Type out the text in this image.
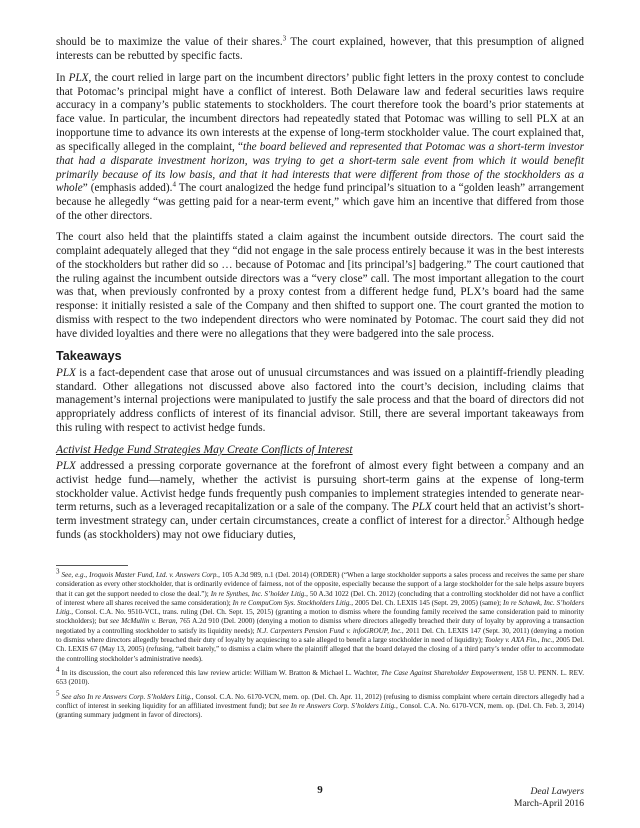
should be to maximize the value of their shares.$^3$ The court explained, however, that this presumption of aligned interests can be rebutted by specific facts.

In PLX, the court relied in large part on the incumbent directors’ public fight letters in the proxy contest to conclude that Potomac’s principal might have a conflict of interest. Both Delaware law and federal securities laws require accuracy in a company’s public statements to stockholders. The court therefore took the board’s prior statements at face value. In particular, the incumbent directors had repeatedly stated that Potomac was willing to sell PLX at an inopportune time to advance its own interests at the expense of long-term stockholder value. The court explained that, as specifically alleged in the complaint, “the board believed and represented that Potomac was a short-term investor that had a disparate investment horizon, was trying to get a short-term sale event from which it would benefit primarily because of its low basis, and that it had interests that were different from those of the stockholders as a whole” (emphasis added).$^4$ The court analogized the hedge fund principal’s situation to a “golden leash” arrangement because he allegedly “was getting paid for a near-term event,” which gave him an incentive that differed from those of the other directors.

The court also held that the plaintiffs stated a claim against the incumbent outside directors. The court said the complaint adequately alleged that they “did not engage in the sale process entirely because it was in the best interests of the stockholders but rather did so … because of Potomac and [its principal’s] badgering.” The court cautioned that the ruling against the incumbent outside directors was a “very close” call. The most important allegation to the court was that, when previously confronted by a proxy contest from a different hedge fund, PLX’s board had the same response: it initially resisted a sale of the Company and then shifted to support one. The court granted the motion to dismiss with respect to the two independent directors who were nominated by Potomac. The court said they did not have divided loyalties and there were no allegations that they were badgered into the sale process.

Takeaways

PLX is a fact-dependent case that arose out of unusual circumstances and was issued on a plaintiff-friendly pleading standard. Other allegations not discussed above also factored into the court’s decision, including claims that management’s internal projections were manipulated to justify the sale process and that the board of directors did not appropriately address conflicts of interest of its financial advisor. Still, there are several important takeaways from this ruling with respect to activist hedge funds.

Activist Hedge Fund Strategies May Create Conflicts of Interest

PLX addressed a pressing corporate governance at the forefront of almost every fight between a company and an activist hedge fund—namely, whether the activist is pursuing short-term gains at the expense of long-term stockholder value. Activist hedge funds frequently push companies to implement strategies intended to generate near-term returns, such as a leveraged recapitalization or a sale of the company. The PLX court held that an activist’s short-term investment strategy can, under certain circumstances, create a conflict of interest for a director.$^5$ Although hedge funds (as stockholders) may not owe fiduciary duties,

$^3$ See, e.g., Iroquois Master Fund, Ltd. v. Answers Corp., 105 A.3d 989, n.1 (Del. 2014) (ORDER) (“When a large stockholder supports a sales process and receives the same per share consideration as every other stockholder, that is ordinarily evidence of fairness, not of the opposite, especially because the support of a large stockholder for the sale helps assure buyers that it can get the support needed to close the deal.”); In re Synthes, Inc. S’holder Litig., 50 A.3d 1022 (Del. Ch. 2012) (concluding that a controlling stockholder did not have a conflict of interest where all shares received the same consideration); In re CompuCom Sys. Stockholders Litig., 2005 Del. Ch. LEXIS 145 (Sept. 29, 2005) (same); In re Schawk, Inc. S’holders Litig., Consol. C.A. No. 9510-VCL, trans. ruling (Del. Ch. Sept. 15, 2015) (granting a motion to dismiss where the founding family received the same consideration paid to minority stockholders); but see McMullin v. Beran, 765 A.2d 910 (Del. 2000) (denying a motion to dismiss where directors allegedly breached their duty of loyalty by approving a transaction negotiated by a controlling stockholder to satisfy its liquidity needs); N.J. Carpenters Pension Fund v. infoGROUP, Inc., 2011 Del. Ch. LEXIS 147 (Sept. 30, 2011) (denying a motion to dismiss where directors allegedly breached their duty of loyalty by acquiescing to a sale alleged to benefit a large stockholder in need of liquidity); Tooley v. AXA Fin., Inc., 2005 Del. Ch. LEXIS 67 (May 13, 2005) (refusing, “albeit barely,” to dismiss a claim where the plaintiff alleged that the board delayed the closing of a third party’s tender offer to accommodate the controlling stockholder’s administrative needs).

$^4$ In its discussion, the court also referenced this law review article: William W. Bratton & Michael L. Wachter, The Case Against Shareholder Empowerment, 158 U. PENN. L. REV. 653 (2010).

$^5$ See also In re Answers Corp. S’holders Litig., Consol. C.A. No. 6170-VCN, mem. op. (Del. Ch. Apr. 11, 2012) (refusing to dismiss complaint where certain directors allegedly had a conflict of interest in seeking liquidity for an affiliated investment fund); but see In re Answers Corp. S’holders Litig., Consol. C.A. No. 6170-VCN, mem. op. (Del. Ch. Feb. 3, 2014) (granting summary judgment in favor of directors).

9	Deal Lawyers
March-April 2016
